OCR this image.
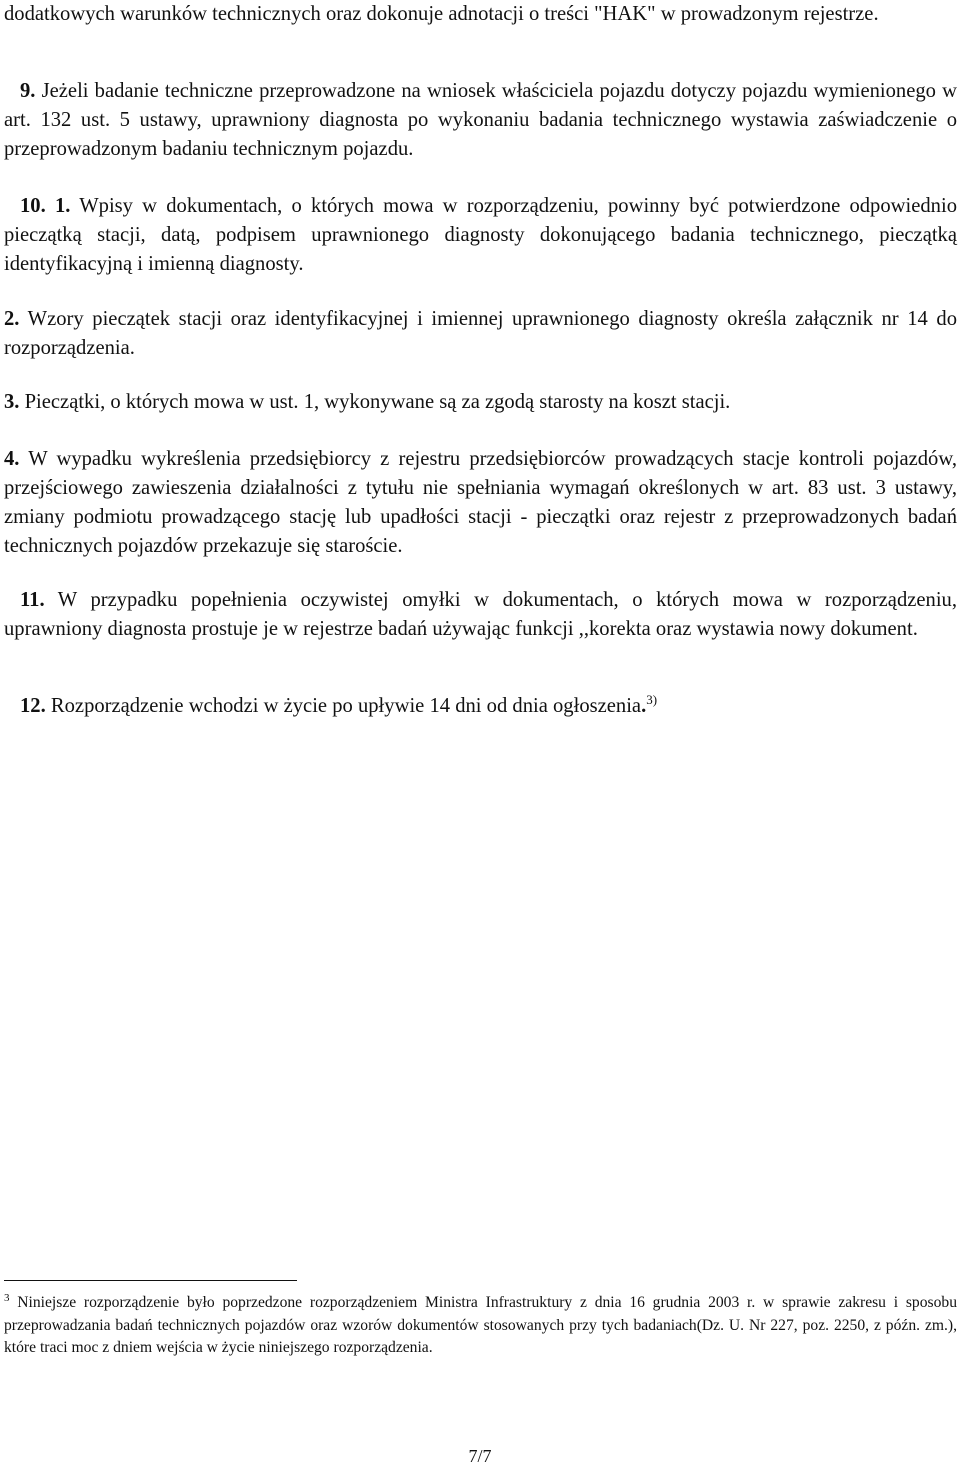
dodatkowych warunków technicznych oraz dokonuje adnotacji o treści "HAK" w prowadzonym rejestrze.

9. Jeżeli badanie techniczne przeprowadzone na wniosek właściciela pojazdu dotyczy pojazdu wymienionego w art. 132 ust. 5 ustawy, uprawniony diagnosta po wykonaniu badania technicznego wystawia zaświadczenie o przeprowadzonym badaniu technicznym pojazdu.

10. 1. Wpisy w dokumentach, o których mowa w rozporządzeniu, powinny być potwierdzone odpowiednio pieczątką stacji, datą, podpisem uprawnionego diagnosty dokonującego badania technicznego, pieczątką identyfikacyjną i imienną diagnosty.

2. Wzory pieczątek stacji oraz identyfikacyjnej i imiennej uprawnionego diagnosty określa załącznik nr 14 do rozporządzenia.

3. Pieczątki, o których mowa w ust. 1, wykonywane są za zgodą starosty na koszt stacji.

4. W wypadku wykreślenia przedsiębiorcy z rejestru przedsiębiorców prowadzących stacje kontroli pojazdów, przejściowego zawieszenia działalności z tytułu nie spełniania wymagań określonych w art. 83 ust. 3 ustawy, zmiany podmiotu prowadzącego stację lub upadłości stacji - pieczątki oraz rejestr z przeprowadzonych badań technicznych pojazdów przekazuje się staroście.

11. W przypadku popełnienia oczywistej omyłki w dokumentach, o których mowa w rozporządzeniu, uprawniony diagnosta prostuje je w rejestrze badań używając funkcji ,,korekta oraz wystawia nowy dokument.

12. Rozporządzenie wchodzi w życie po upływie 14 dni od dnia ogłoszenia.$^{3)}$

$^3$ Niniejsze rozporządzenie było poprzedzone rozporządzeniem Ministra Infrastruktury z dnia 16 grudnia 2003 r. w sprawie zakresu i sposobu przeprowadzania badań technicznych pojazdów oraz wzorów dokumentów stosowanych przy tych badaniach(Dz. U. Nr 227, poz. 2250, z późn. zm.), które traci moc z dniem wejścia w życie niniejszego rozporządzenia.

7/7
